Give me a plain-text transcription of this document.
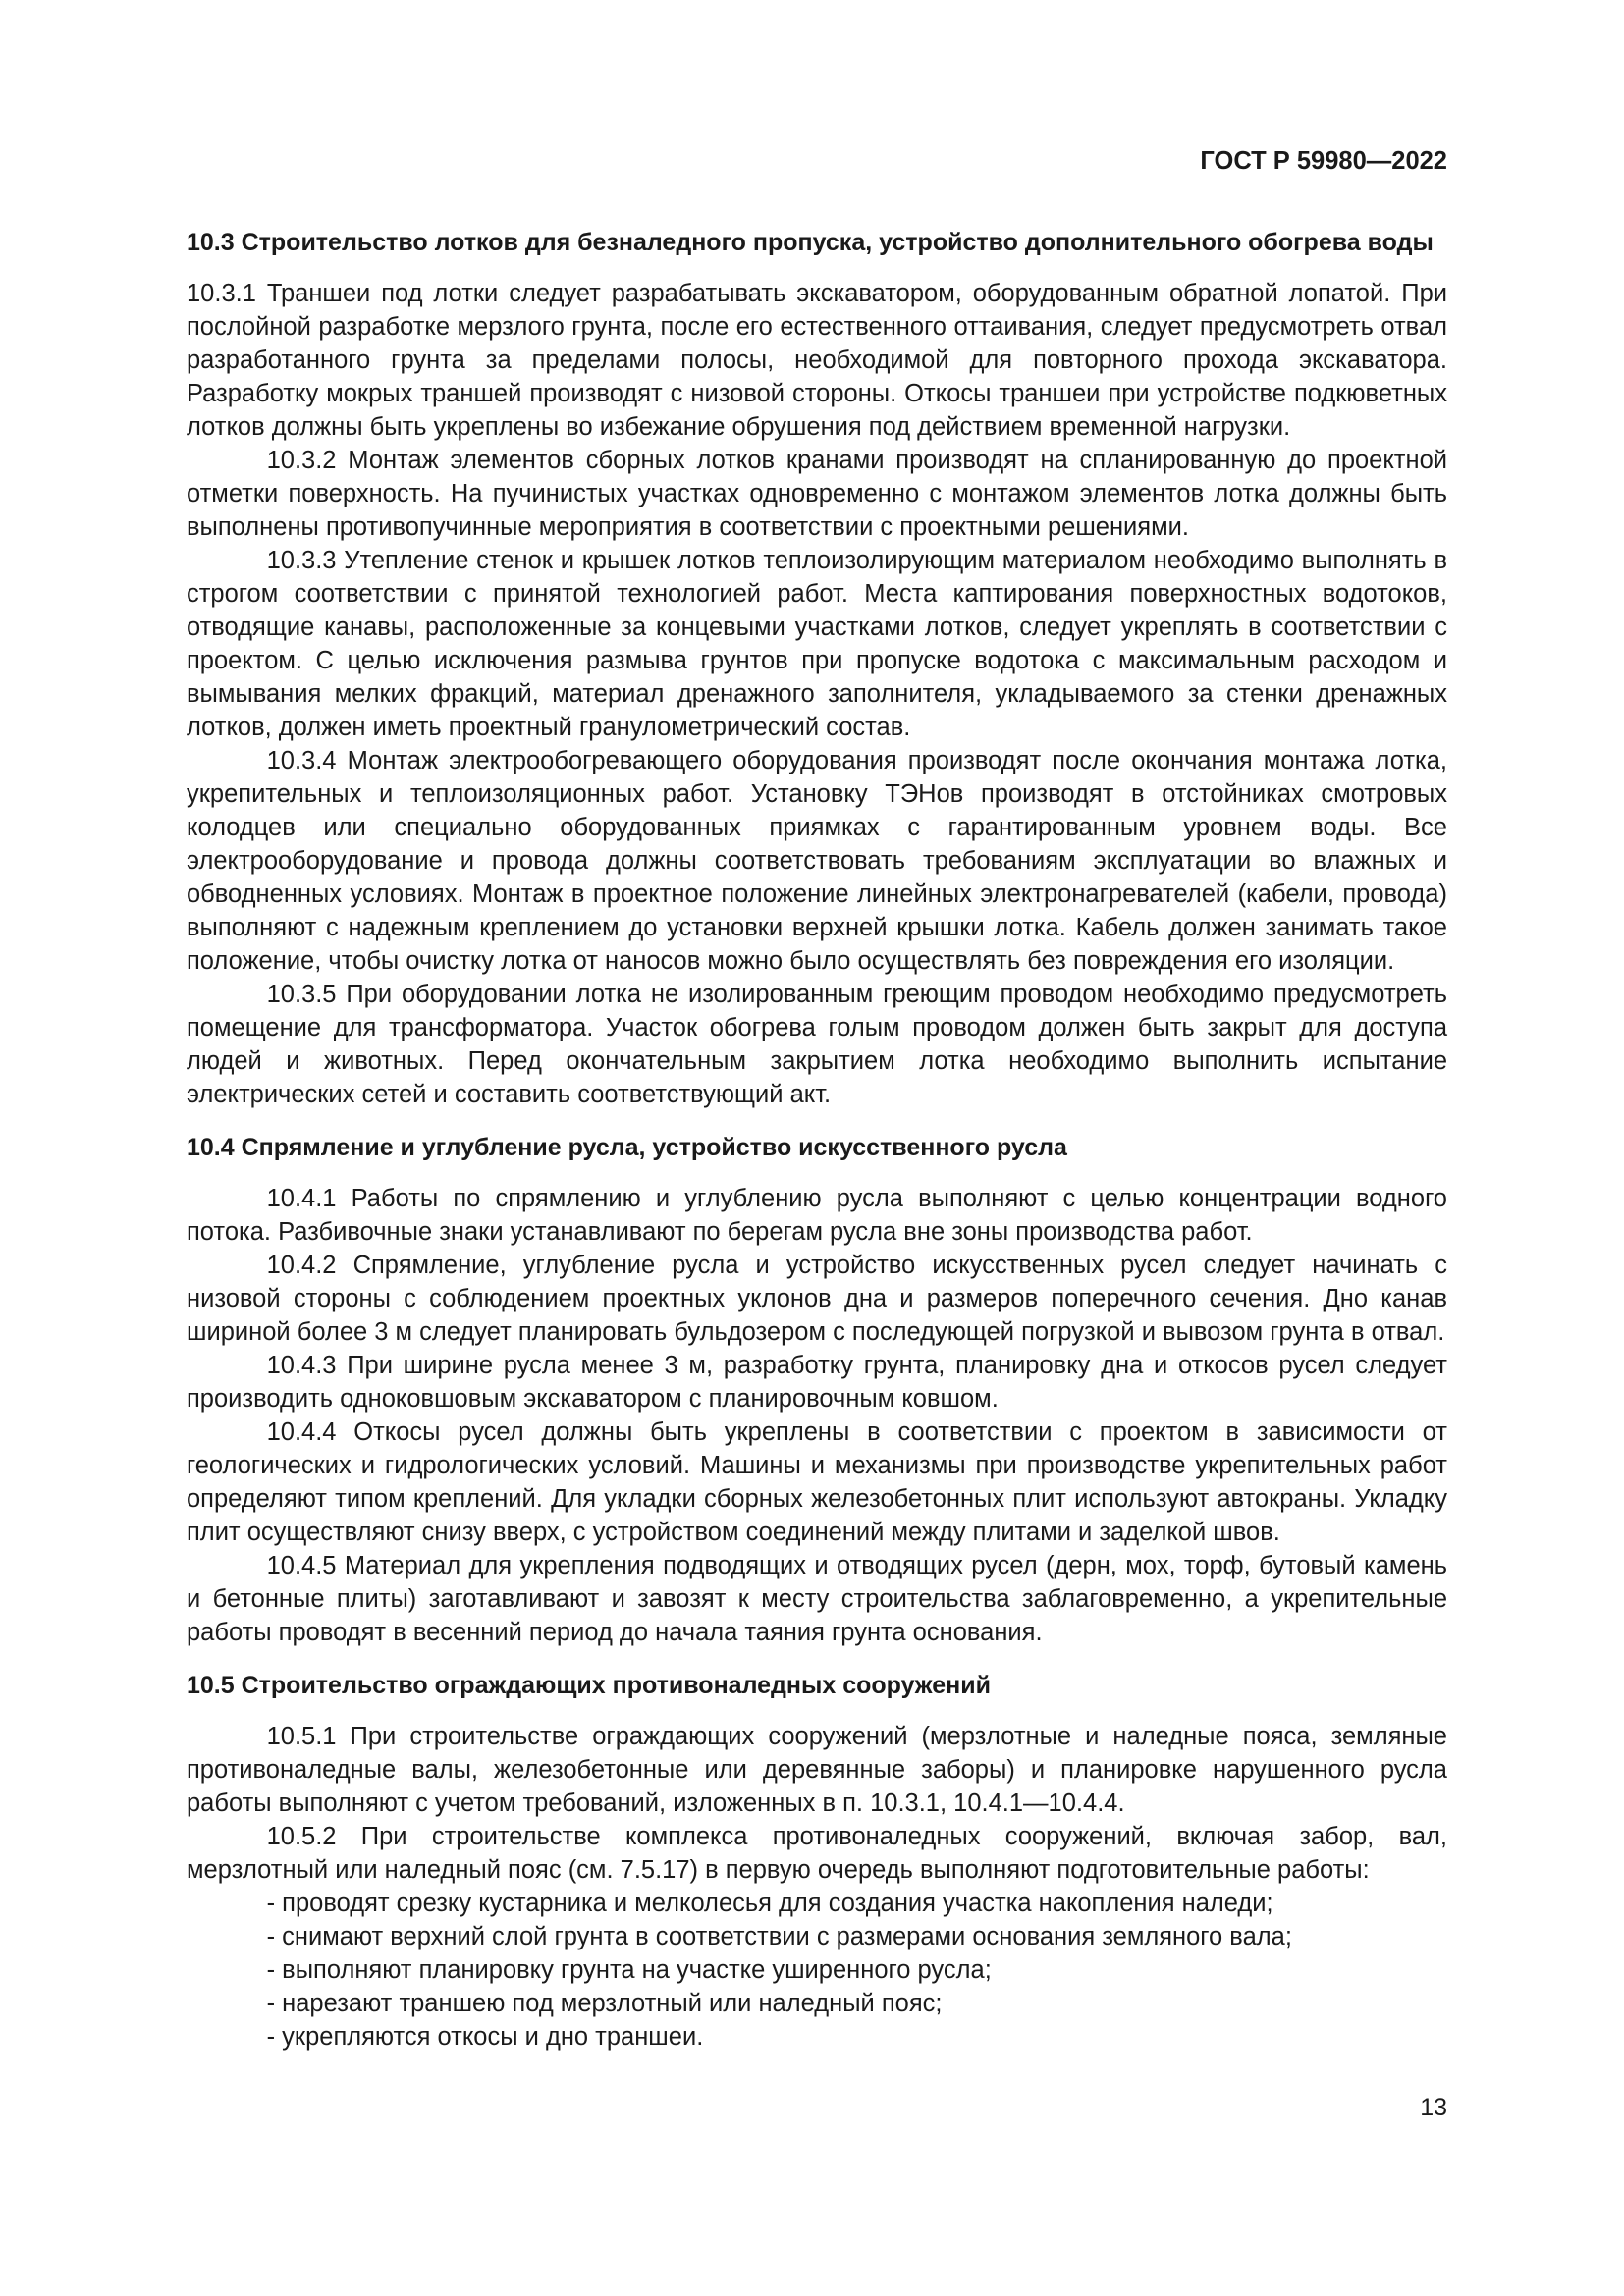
ГОСТ Р 59980—2022
10.3 Строительство лотков для безналедного пропуска, устройство дополнительного обогрева воды

10.3.1 Траншеи под лотки следует разрабатывать экскаватором, оборудованным обратной лопатой. При послойной разработке мерзлого грунта, после его естественного оттаивания, следует предусмотреть отвал разработанного грунта за пределами полосы, необходимой для повторного прохода экскаватора. Разработку мокрых траншей производят с низовой стороны. Откосы траншеи при устройстве подкюветных лотков должны быть укреплены во избежание обрушения под действием временной нагрузки.

10.3.2 Монтаж элементов сборных лотков кранами производят на спланированную до проектной отметки поверхность. На пучинистых участках одновременно с монтажом элементов лотка должны быть выполнены противопучинные мероприятия в соответствии с проектными решениями.

10.3.3 Утепление стенок и крышек лотков теплоизолирующим материалом необходимо выполнять в строгом соответствии с принятой технологией работ. Места каптирования поверхностных водотоков, отводящие канавы, расположенные за концевыми участками лотков, следует укреплять в соответствии с проектом. С целью исключения размыва грунтов при пропуске водотока с максимальным расходом и вымывания мелких фракций, материал дренажного заполнителя, укладываемого за стенки дренажных лотков, должен иметь проектный гранулометрический состав.

10.3.4 Монтаж электрообогревающего оборудования производят после окончания монтажа лотка, укрепительных и теплоизоляционных работ. Установку ТЭНов производят в отстойниках смотровых колодцев или специально оборудованных приямках с гарантированным уровнем воды. Все электрооборудование и провода должны соответствовать требованиям эксплуатации во влажных и обводненных условиях. Монтаж в проектное положение линейных электронагревателей (кабели, провода) выполняют с надежным креплением до установки верхней крышки лотка. Кабель должен занимать такое положение, чтобы очистку лотка от наносов можно было осуществлять без повреждения его изоляции.

10.3.5 При оборудовании лотка не изолированным греющим проводом необходимо предусмотреть помещение для трансформатора. Участок обогрева голым проводом должен быть закрыт для доступа людей и животных. Перед окончательным закрытием лотка необходимо выполнить испытание электрических сетей и составить соответствующий акт.

10.4 Спрямление и углубление русла, устройство искусственного русла

10.4.1 Работы по спрямлению и углублению русла выполняют с целью концентрации водного потока. Разбивочные знаки устанавливают по берегам русла вне зоны производства работ.

10.4.2 Спрямление, углубление русла и устройство искусственных русел следует начинать с низовой стороны с соблюдением проектных уклонов дна и размеров поперечного сечения. Дно канав шириной более 3 м следует планировать бульдозером с последующей погрузкой и вывозом грунта в отвал.

10.4.3 При ширине русла менее 3 м, разработку грунта, планировку дна и откосов русел следует производить одноковшовым экскаватором с планировочным ковшом.

10.4.4 Откосы русел должны быть укреплены в соответствии с проектом в зависимости от геологических и гидрологических условий. Машины и механизмы при производстве укрепительных работ определяют типом креплений. Для укладки сборных железобетонных плит используют автокраны. Укладку плит осуществляют снизу вверх, с устройством соединений между плитами и заделкой швов.

10.4.5 Материал для укрепления подводящих и отводящих русел (дерн, мох, торф, бутовый камень и бетонные плиты) заготавливают и завозят к месту строительства заблаговременно, а укрепительные работы проводят в весенний период до начала таяния грунта основания.

10.5 Строительство ограждающих противоналедных сооружений

10.5.1 При строительстве ограждающих сооружений (мерзлотные и наледные пояса, земляные противоналедные валы, железобетонные или деревянные заборы) и планировке нарушенного русла работы выполняют с учетом требований, изложенных в п. 10.3.1, 10.4.1—10.4.4.

10.5.2 При строительстве комплекса противоналедных сооружений, включая забор, вал, мерзлотный или наледный пояс (см. 7.5.17) в первую очередь выполняют подготовительные работы:

- проводят срезку кустарника и мелколесья для создания участка накопления наледи;
- снимают верхний слой грунта в соответствии с размерами основания земляного вала;
- выполняют планировку грунта на участке уширенного русла;
- нарезают траншею под мерзлотный или наледный пояс;
- укрепляются откосы и дно траншеи.
13
